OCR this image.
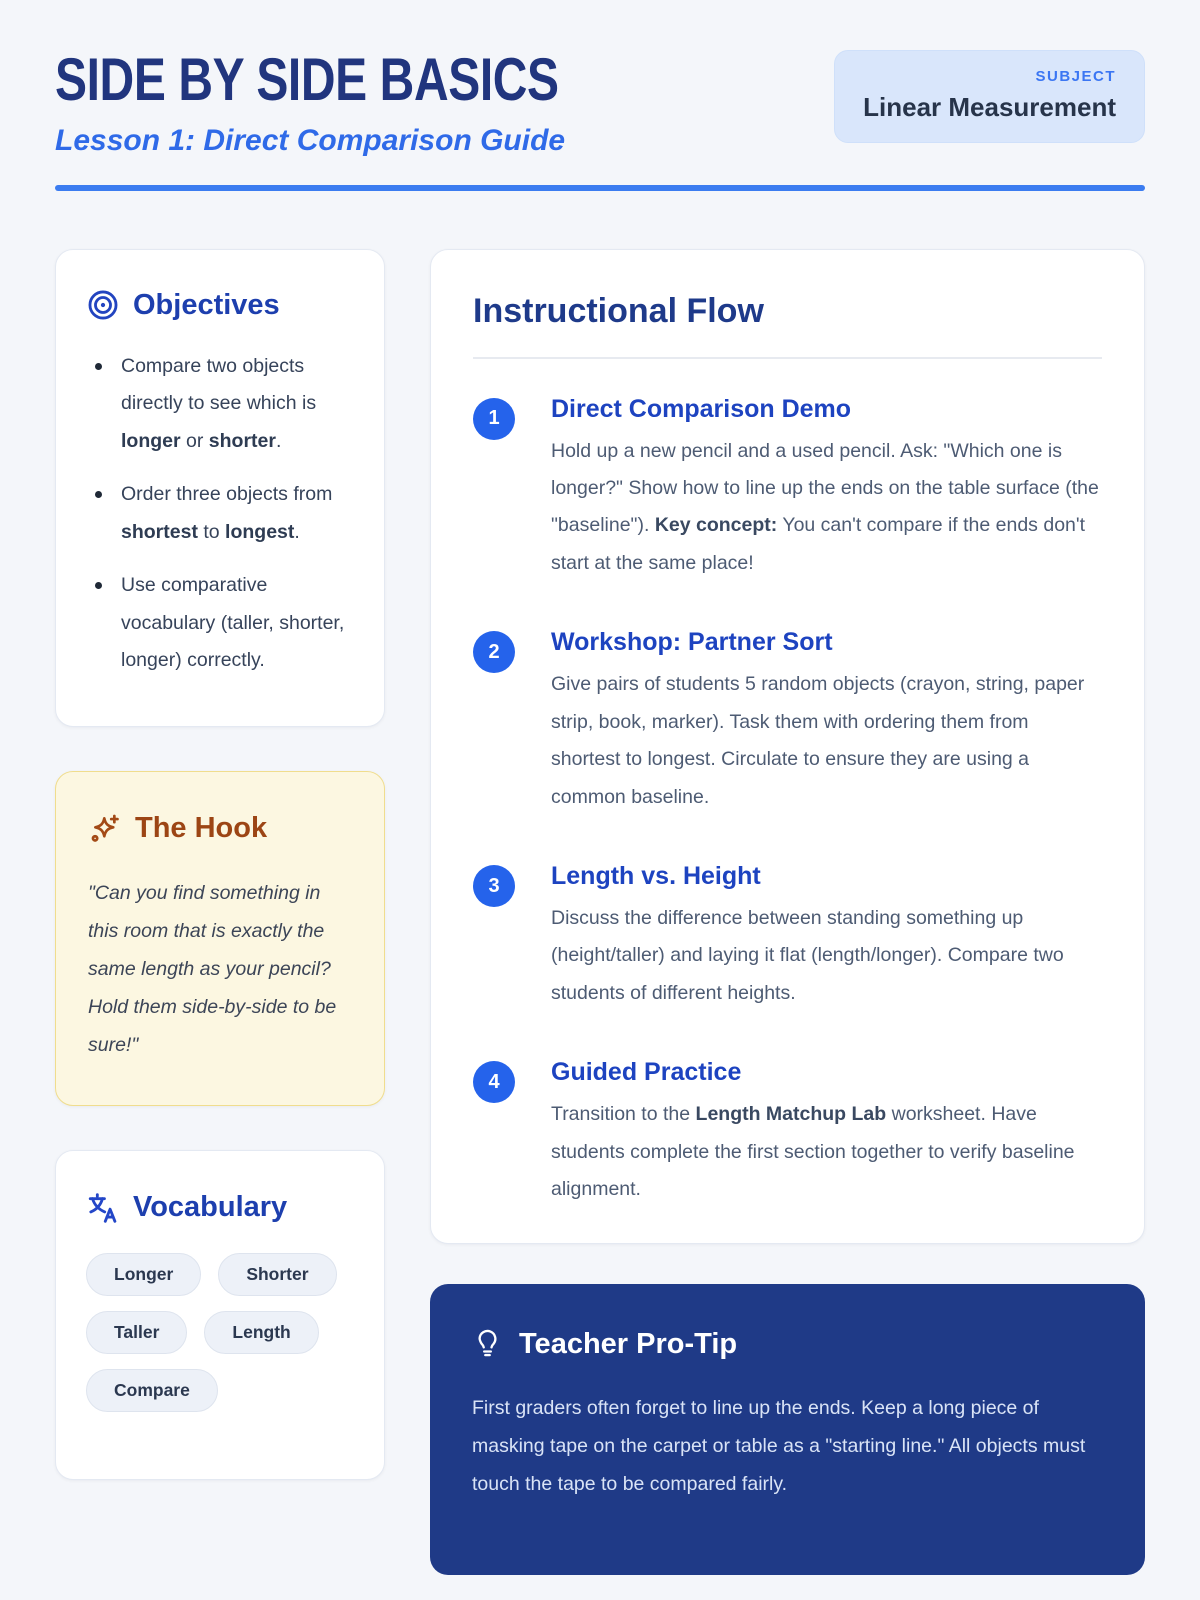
SIDE BY SIDE BASICS
Lesson 1: Direct Comparison Guide
SUBJECT
Linear Measurement
Objectives
Compare two objects directly to see which is longer or shorter.
Order three objects from shortest to longest.
Use comparative vocabulary (taller, shorter, longer) correctly.
The Hook
"Can you find something in this room that is exactly the same length as your pencil? Hold them side-by-side to be sure!"
Vocabulary
Longer	Shorter
Taller	Length
Compare
Instructional Flow
1	Direct Comparison Demo
Hold up a new pencil and a used pencil. Ask: "Which one is longer?" Show how to line up the ends on the table surface (the "baseline"). Key concept: You can't compare if the ends don't start at the same place!
2	Workshop: Partner Sort
Give pairs of students 5 random objects (crayon, string, paper strip, book, marker). Task them with ordering them from shortest to longest. Circulate to ensure they are using a common baseline.
3	Length vs. Height
Discuss the difference between standing something up (height/taller) and laying it flat (length/longer). Compare two students of different heights.
4	Guided Practice
Transition to the Length Matchup Lab worksheet. Have students complete the first section together to verify baseline alignment.
Teacher Pro-Tip
First graders often forget to line up the ends. Keep a long piece of masking tape on the carpet or table as a "starting line." All objects must touch the tape to be compared fairly.
